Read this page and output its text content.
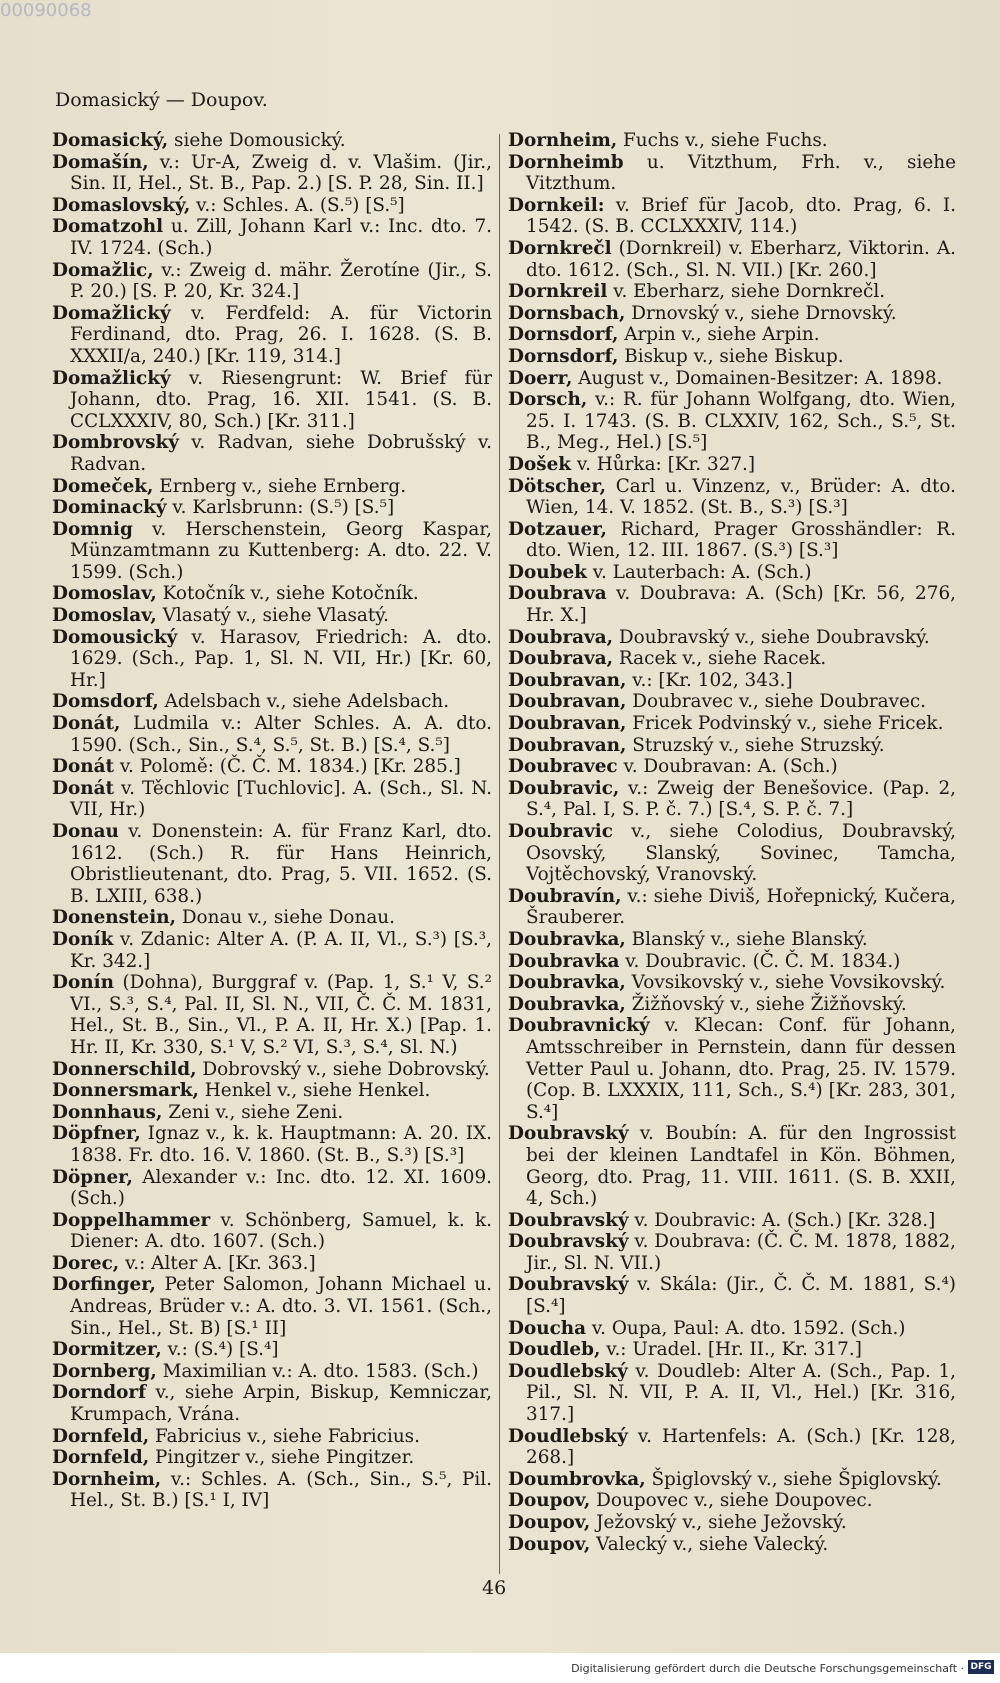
00090068
Domasický — Doupov.

Domasický, siehe Domousický.

Domašín, v.: Ur-A, Zweig d. v. Vlašim. (Jir., Sin. II, Hel., St. B., Pap. 2.) [S. P. 28, Sin. II.]

Domaslovský, v.: Schles. A. (S.⁵) [S.⁵]

Domatzohl u. Zill, Johann Karl v.: Inc. dto. 7. IV. 1724. (Sch.)

Domažlic, v.: Zweig d. mähr. Žerotíne (Jir., S. P. 20.) [S. P. 20, Kr. 324.]

Domažlický v. Ferdfeld: A. für Victorin Ferdinand, dto. Prag, 26. I. 1628. (S. B. XXXII/a, 240.) [Kr. 119, 314.]

Domažlický v. Riesengrunt: W. Brief für Johann, dto. Prag, 16. XII. 1541. (S. B. CCLXXXIV, 80, Sch.) [Kr. 311.]

Dombrovský v. Radvan, siehe Dobrušský v. Radvan.

Domeček, Ernberg v., siehe Ernberg.

Dominacký v. Karlsbrunn: (S.⁵) [S.⁵]

Domnig v. Herschenstein, Georg Kaspar, Münzamtmann zu Kuttenberg: A. dto. 22. V. 1599. (Sch.)

Domoslav, Kotočník v., siehe Kotočník.

Domoslav, Vlasatý v., siehe Vlasatý.

Domousický v. Harasov, Friedrich: A. dto. 1629. (Sch., Pap. 1, Sl. N. VII, Hr.) [Kr. 60, Hr.]

Domsdorf, Adelsbach v., siehe Adelsbach.

Donát, Ludmila v.: Alter Schles. A. A. dto. 1590. (Sch., Sin., S.⁴, S.⁵, St. B.) [S.⁴, S.⁵]

Donát v. Polomě: (Č. Č. M. 1834.) [Kr. 285.]

Donát v. Těchlovic [Tuchlovic]. A. (Sch., Sl. N. VII, Hr.)

Donau v. Donenstein: A. für Franz Karl, dto. 1612. (Sch.) R. für Hans Heinrich, Obristlieutenant, dto. Prag, 5. VII. 1652. (S. B. LXIII, 638.)

Donenstein, Donau v., siehe Donau.

Doník v. Zdanic: Alter A. (P. A. II, Vl., S.³) [S.³, Kr. 342.]

Donín (Dohna), Burggraf v. (Pap. 1, S.¹ V, S.² VI., S.³, S.⁴, Pal. II, Sl. N., VII, Č. Č. M. 1831, Hel., St. B., Sin., Vl., P. A. II, Hr. X.) [Pap. 1. Hr. II, Kr. 330, S.¹ V, S.² VI, S.³, S.⁴, Sl. N.)

Donnerschild, Dobrovský v., siehe Dobrovský.

Donnersmark, Henkel v., siehe Henkel.

Donnhaus, Zeni v., siehe Zeni.

Döpfner, Ignaz v., k. k. Hauptmann: A. 20. IX. 1838. Fr. dto. 16. V. 1860. (St. B., S.³) [S.³]

Döpner, Alexander v.: Inc. dto. 12. XI. 1609. (Sch.)

Doppelhammer v. Schönberg, Samuel, k. k. Diener: A. dto. 1607. (Sch.)

Dorec, v.: Alter A. [Kr. 363.]

Dorfinger, Peter Salomon, Johann Michael u. Andreas, Brüder v.: A. dto. 3. VI. 1561. (Sch., Sin., Hel., St. B) [S.¹ II]

Dormitzer, v.: (S.⁴) [S.⁴]

Dornberg, Maximilian v.: A. dto. 1583. (Sch.)

Dorndorf v., siehe Arpin, Biskup, Kemniczar, Krumpach, Vrána.

Dornfeld, Fabricius v., siehe Fabricius.

Dornfeld, Pingitzer v., siehe Pingitzer.

Dornheim, v.: Schles. A. (Sch., Sin., S.⁵, Pil. Hel., St. B.) [S.¹ I, IV]

Dornheim, Fuchs v., siehe Fuchs.

Dornheimb u. Vitzthum, Frh. v., siehe Vitzthum.

Dornkeil: v. Brief für Jacob, dto. Prag, 6. I. 1542. (S. B. CCLXXXIV, 114.)

Dornkrečl (Dornkreil) v. Eberharz, Viktorin. A. dto. 1612. (Sch., Sl. N. VII.) [Kr. 260.]

Dornkreil v. Eberharz, siehe Dornkrečl.

Dornsbach, Drnovský v., siehe Drnovský.

Dornsdorf, Arpin v., siehe Arpin.

Dornsdorf, Biskup v., siehe Biskup.

Doerr, August v., Domainen-Besitzer: A. 1898.

Dorsch, v.: R. für Johann Wolfgang, dto. Wien, 25. I. 1743. (S. B. CLXXIV, 162, Sch., S.⁵, St. B., Meg., Hel.) [S.⁵]

Došek v. Hůrka: [Kr. 327.]

Dötscher, Carl u. Vinzenz, v., Brüder: A. dto. Wien, 14. V. 1852. (St. B., S.³) [S.³]

Dotzauer, Richard, Prager Grosshändler: R. dto. Wien, 12. III. 1867. (S.³) [S.³]

Doubek v. Lauterbach: A. (Sch.)

Doubrava v. Doubrava: A. (Sch) [Kr. 56, 276, Hr. X.]

Doubrava, Doubravský v., siehe Doubravský.

Doubrava, Racek v., siehe Racek.

Doubravan, v.: [Kr. 102, 343.]

Doubravan, Doubravec v., siehe Doubravec.

Doubravan, Fricek Podvinský v., siehe Fricek.

Doubravan, Struzský v., siehe Struzský.

Doubravec v. Doubravan: A. (Sch.)

Doubravic, v.: Zweig der Benešovice. (Pap. 2, S.⁴, Pal. I, S. P. č. 7.) [S.⁴, S. P. č. 7.]

Doubravic v., siehe Colodius, Doubravský, Osovský, Slanský, Sovinec, Tamcha, Vojtěchovský, Vranovský.

Doubravín, v.: siehe Diviš, Hořepnický, Kučera, Šrauberer.

Doubravka, Blanský v., siehe Blanský.

Doubravka v. Doubravic. (Č. Č. M. 1834.)

Doubravka, Vovsikovský v., siehe Vovsikovský.

Doubravka, Žižňovský v., siehe Žižňovský.

Doubravnický v. Klecan: Conf. für Johann, Amtsschreiber in Pernstein, dann für dessen Vetter Paul u. Johann, dto. Prag, 25. IV. 1579. (Cop. B. LXXXIX, 111, Sch., S.⁴) [Kr. 283, 301, S.⁴]

Doubravský v. Boubín: A. für den Ingrossist bei der kleinen Landtafel in Kön. Böhmen, Georg, dto. Prag, 11. VIII. 1611. (S. B. XXII, 4, Sch.)

Doubravský v. Doubravic: A. (Sch.) [Kr. 328.]

Doubravský v. Doubrava: (Č. Č. M. 1878, 1882, Jir., Sl. N. VII.)

Doubravský v. Skála: (Jir., Č. Č. M. 1881, S.⁴) [S.⁴]

Doucha v. Oupa, Paul: A. dto. 1592. (Sch.)

Doudleb, v.: Uradel. [Hr. II., Kr. 317.]

Doudlebský v. Doudleb: Alter A. (Sch., Pap. 1, Pil., Sl. N. VII, P. A. II, Vl., Hel.) [Kr. 316, 317.]

Doudlebský v. Hartenfels: A. (Sch.) [Kr. 128, 268.]

Doumbrovka, Špiglovský v., siehe Špiglovský.

Doupov, Doupovec v., siehe Doupovec.

Doupov, Ježovský v., siehe Ježovský.

Doupov, Valecký v., siehe Valecký.

46
Digitalisierung gefördert durch die Deutsche Forschungsgemeinschaft · DFG
